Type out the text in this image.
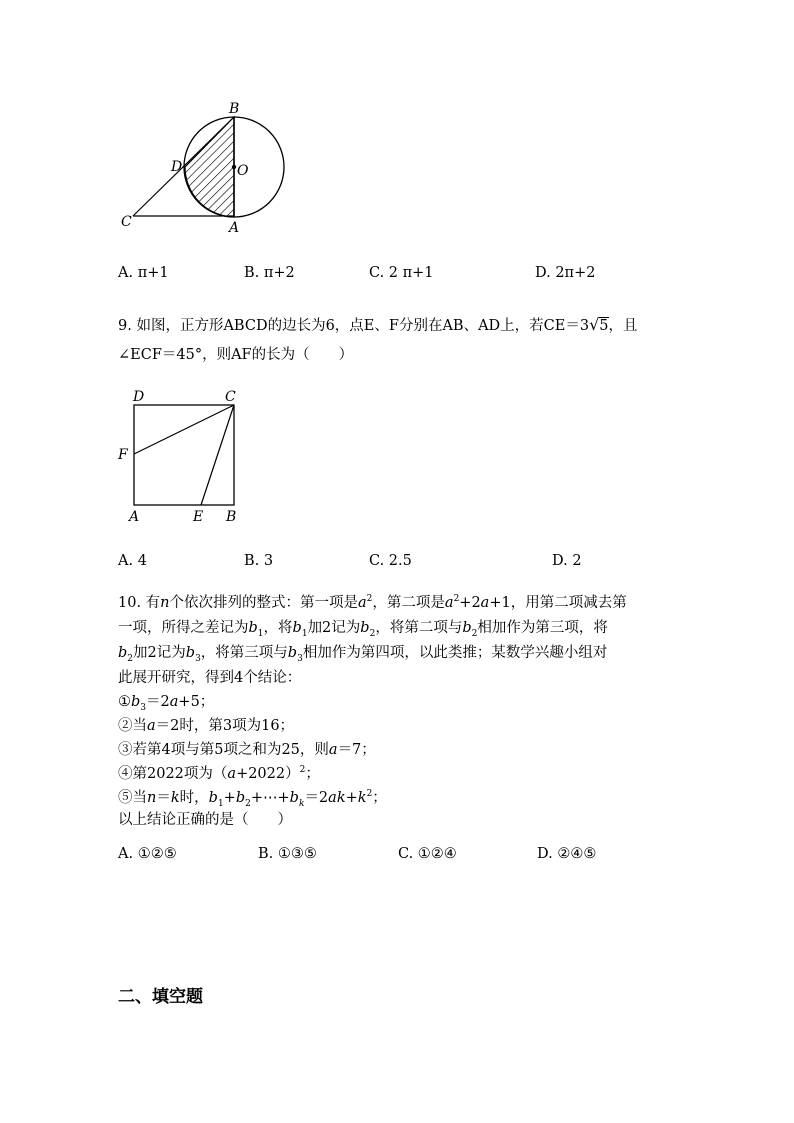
B
D	O
C	A
A. π+1	B. π+2	C. 2 π+1	D. 2π+2
9. 如图，正方形ABCD的边长为6，点E、F分别在AB、AD上，若CE＝3√5，且
∠ECF＝45°，则AF的长为（　　）
D	C
F
A	E B
A. 4	B. 3	C. 2.5	D. 2
10. 有n个依次排列的整式：第一项是$a^2$，第二项是$a^2+2a+1$，用第二项减去第
一项，所得之差记为$b_1$，将$b_1$加2记为$b_2$，将第二项与$b_2$相加作为第三项，将
$b_2$加2记为$b_3$，将第三项与$b_3$相加作为第四项，以此类推；某数学兴趣小组对
此展开研究，得到4个结论：
$①b_3=2a+5$；
②当a＝2时，第3项为16；
③若第4项与第5项之和为25，则a＝7；
④第2022项为$(a+2022)^2$；
⑤当n＝k时，$b_1+b_2+\cdots+b_k=2ak+k^2$；
以上结论正确的是（　　）
A. ①②⑤	B. ①③⑤	C. ①②④	D. ②④⑤
二、填空题
